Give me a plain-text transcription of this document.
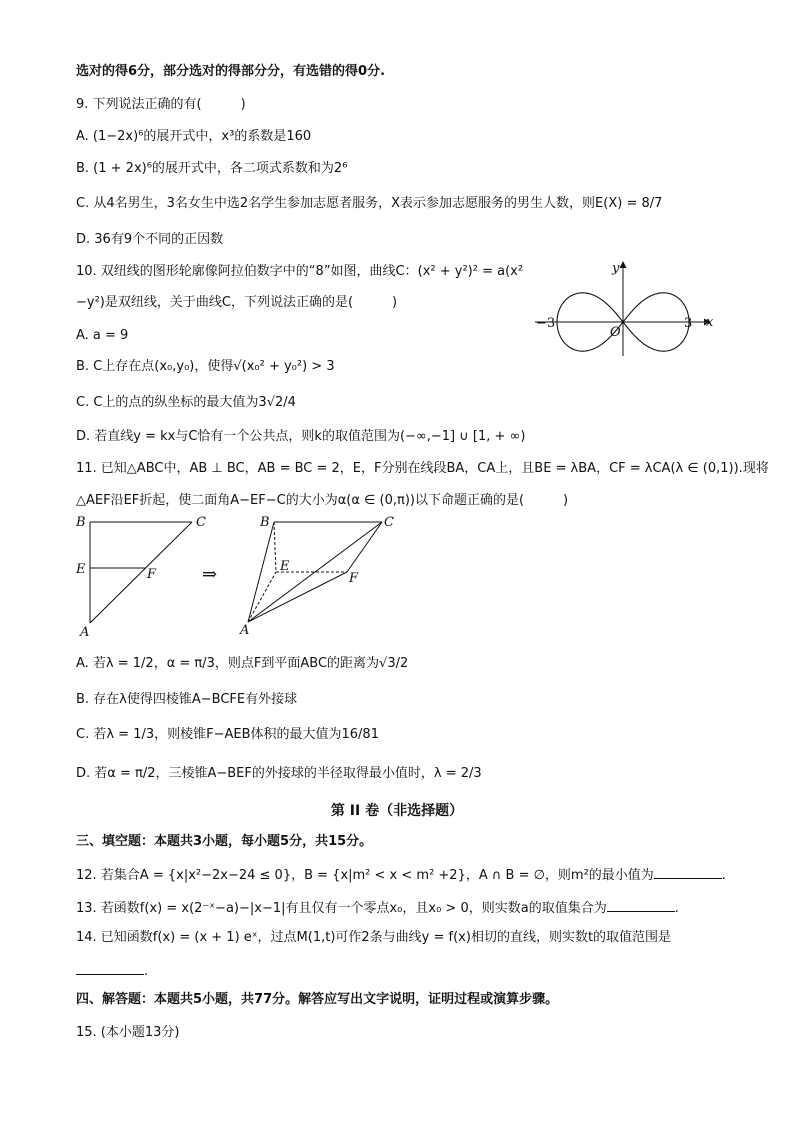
选对的得6分，部分选对的得部分分，有选错的得0分.
9. 下列说法正确的有(　　　)
A. (1−2x)⁶的展开式中，x³的系数是160
B. (1 + 2x)⁶的展开式中，各二项式系数和为2⁶
C. 从4名男生，3名女生中选2名学生参加志愿者服务，X表示参加志愿服务的男生人数，则E(X) = 8/7
D. 36有9个不同的正因数
10. 双纽线的图形轮廓像阿拉伯数字中的“8”如图，曲线C：(x² + y²)² = a(x²
−y²)是双纽线，关于曲线C，下列说法正确的是(　　　)
A. a = 9
B. C上存在点(x₀,y₀)，使得√(x₀² + y₀²) > 3
C. C上的点的纵坐标的最大值为3√2/4
D. 若直线y = kx与C恰有一个公共点，则k的取值范围为(−∞,−1] ∪ [1, + ∞)
y
x
O
−3	3
11. 已知△ABC中，AB ⊥ BC，AB = BC = 2，E，F分别在线段BA，CA上，且BE = λBA，CF = λCA(λ ∈ (0,1)).现将
△AEF沿EF折起，使二面角A−EF−C的大小为α(α ∈ (0,π))以下命题正确的是(　　　)
B	C
E	F
A
⇒
B	C
E
F
A
A. 若λ = 1/2，α = π/3，则点F到平面ABC的距离为√3/2
B. 存在λ使得四棱锥A−BCFE有外接球
C. 若λ = 1/3，则棱锥F−AEB体积的最大值为16/81
D. 若α = π/2，三棱锥A−BEF的外接球的半径取得最小值时，λ = 2/3
第 II 卷（非选择题）
三、填空题：本题共3小题，每小题5分，共15分。
12. 若集合A = {x|x²−2x−24 ≤ 0}，B = {x|m² < x < m² +2}，A ∩ B = ∅，则m²的最小值为	.
13. 若函数f(x) = x(2⁻ˣ−a)−|x−1|有且仅有一个零点x₀，且x₀ > 0，则实数a的取值集合为	.
14. 已知函数f(x) = (x + 1) eˣ，过点M(1,t)可作2条与曲线y = f(x)相切的直线，则实数t的取值范围是
.
四、解答题：本题共5小题，共77分。解答应写出文字说明，证明过程或演算步骤。
15. (本小题13分)
